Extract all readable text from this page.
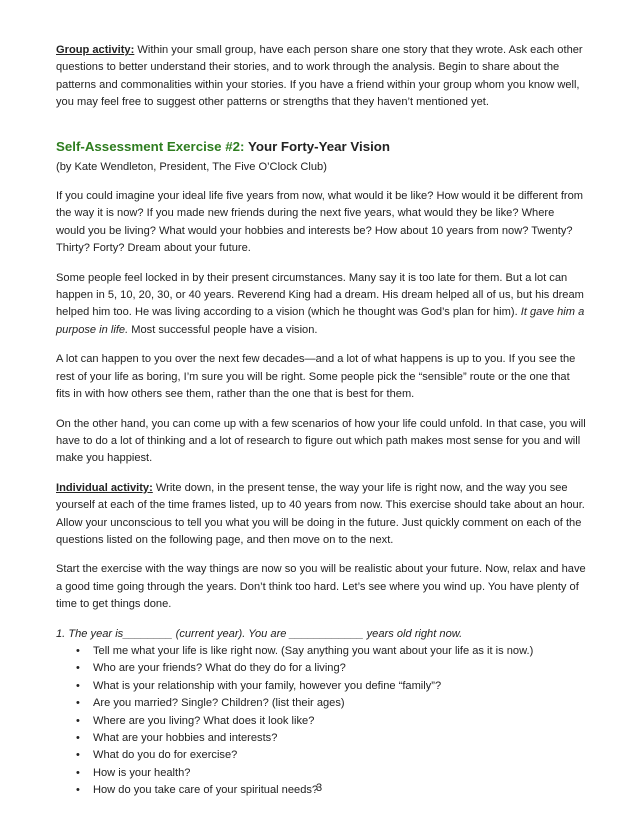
Group activity: Within your small group, have each person share one story that they wrote. Ask each other questions to better understand their stories, and to work through the analysis. Begin to share about the patterns and commonalities within your stories. If you have a friend within your group whom you know well, you may feel free to suggest other patterns or strengths that they haven’t mentioned yet.

Self-Assessment Exercise #2: Your Forty-Year Vision

(by Kate Wendleton, President, The Five O’Clock Club)

If you could imagine your ideal life five years from now, what would it be like? How would it be different from the way it is now? If you made new friends during the next five years, what would they be like? Where would you be living? What would your hobbies and interests be? How about 10 years from now? Twenty? Thirty? Forty? Dream about your future.

Some people feel locked in by their present circumstances. Many say it is too late for them. But a lot can happen in 5, 10, 20, 30, or 40 years. Reverend King had a dream. His dream helped all of us, but his dream helped him too. He was living according to a vision (which he thought was God’s plan for him). It gave him a purpose in life. Most successful people have a vision.

A lot can happen to you over the next few decades—and a lot of what happens is up to you. If you see the rest of your life as boring, I’m sure you will be right. Some people pick the “sensible” route or the one that fits in with how others see them, rather than the one that is best for them.

On the other hand, you can come up with a few scenarios of how your life could unfold. In that case, you will have to do a lot of thinking and a lot of research to figure out which path makes most sense for you and will make you happiest.

Individual activity: Write down, in the present tense, the way your life is right now, and the way you see yourself at each of the time frames listed, up to 40 years from now. This exercise should take about an hour. Allow your unconscious to tell you what you will be doing in the future. Just quickly comment on each of the questions listed on the following page, and then move on to the next.

Start the exercise with the way things are now so you will be realistic about your future. Now, relax and have a good time going through the years. Don’t think too hard. Let’s see where you wind up. You have plenty of time to get things done.

1. The year is________ (current year). You are ____________ years old right now.

• Tell me what your life is like right now. (Say anything you want about your life as it is now.)
• Who are your friends? What do they do for a living?
• What is your relationship with your family, however you define “family”?
• Are you married? Single? Children? (list their ages)
• Where are you living? What does it look like?
• What are your hobbies and interests?
• What do you do for exercise?
• How is your health?
• How do you take care of your spiritual needs?
3
